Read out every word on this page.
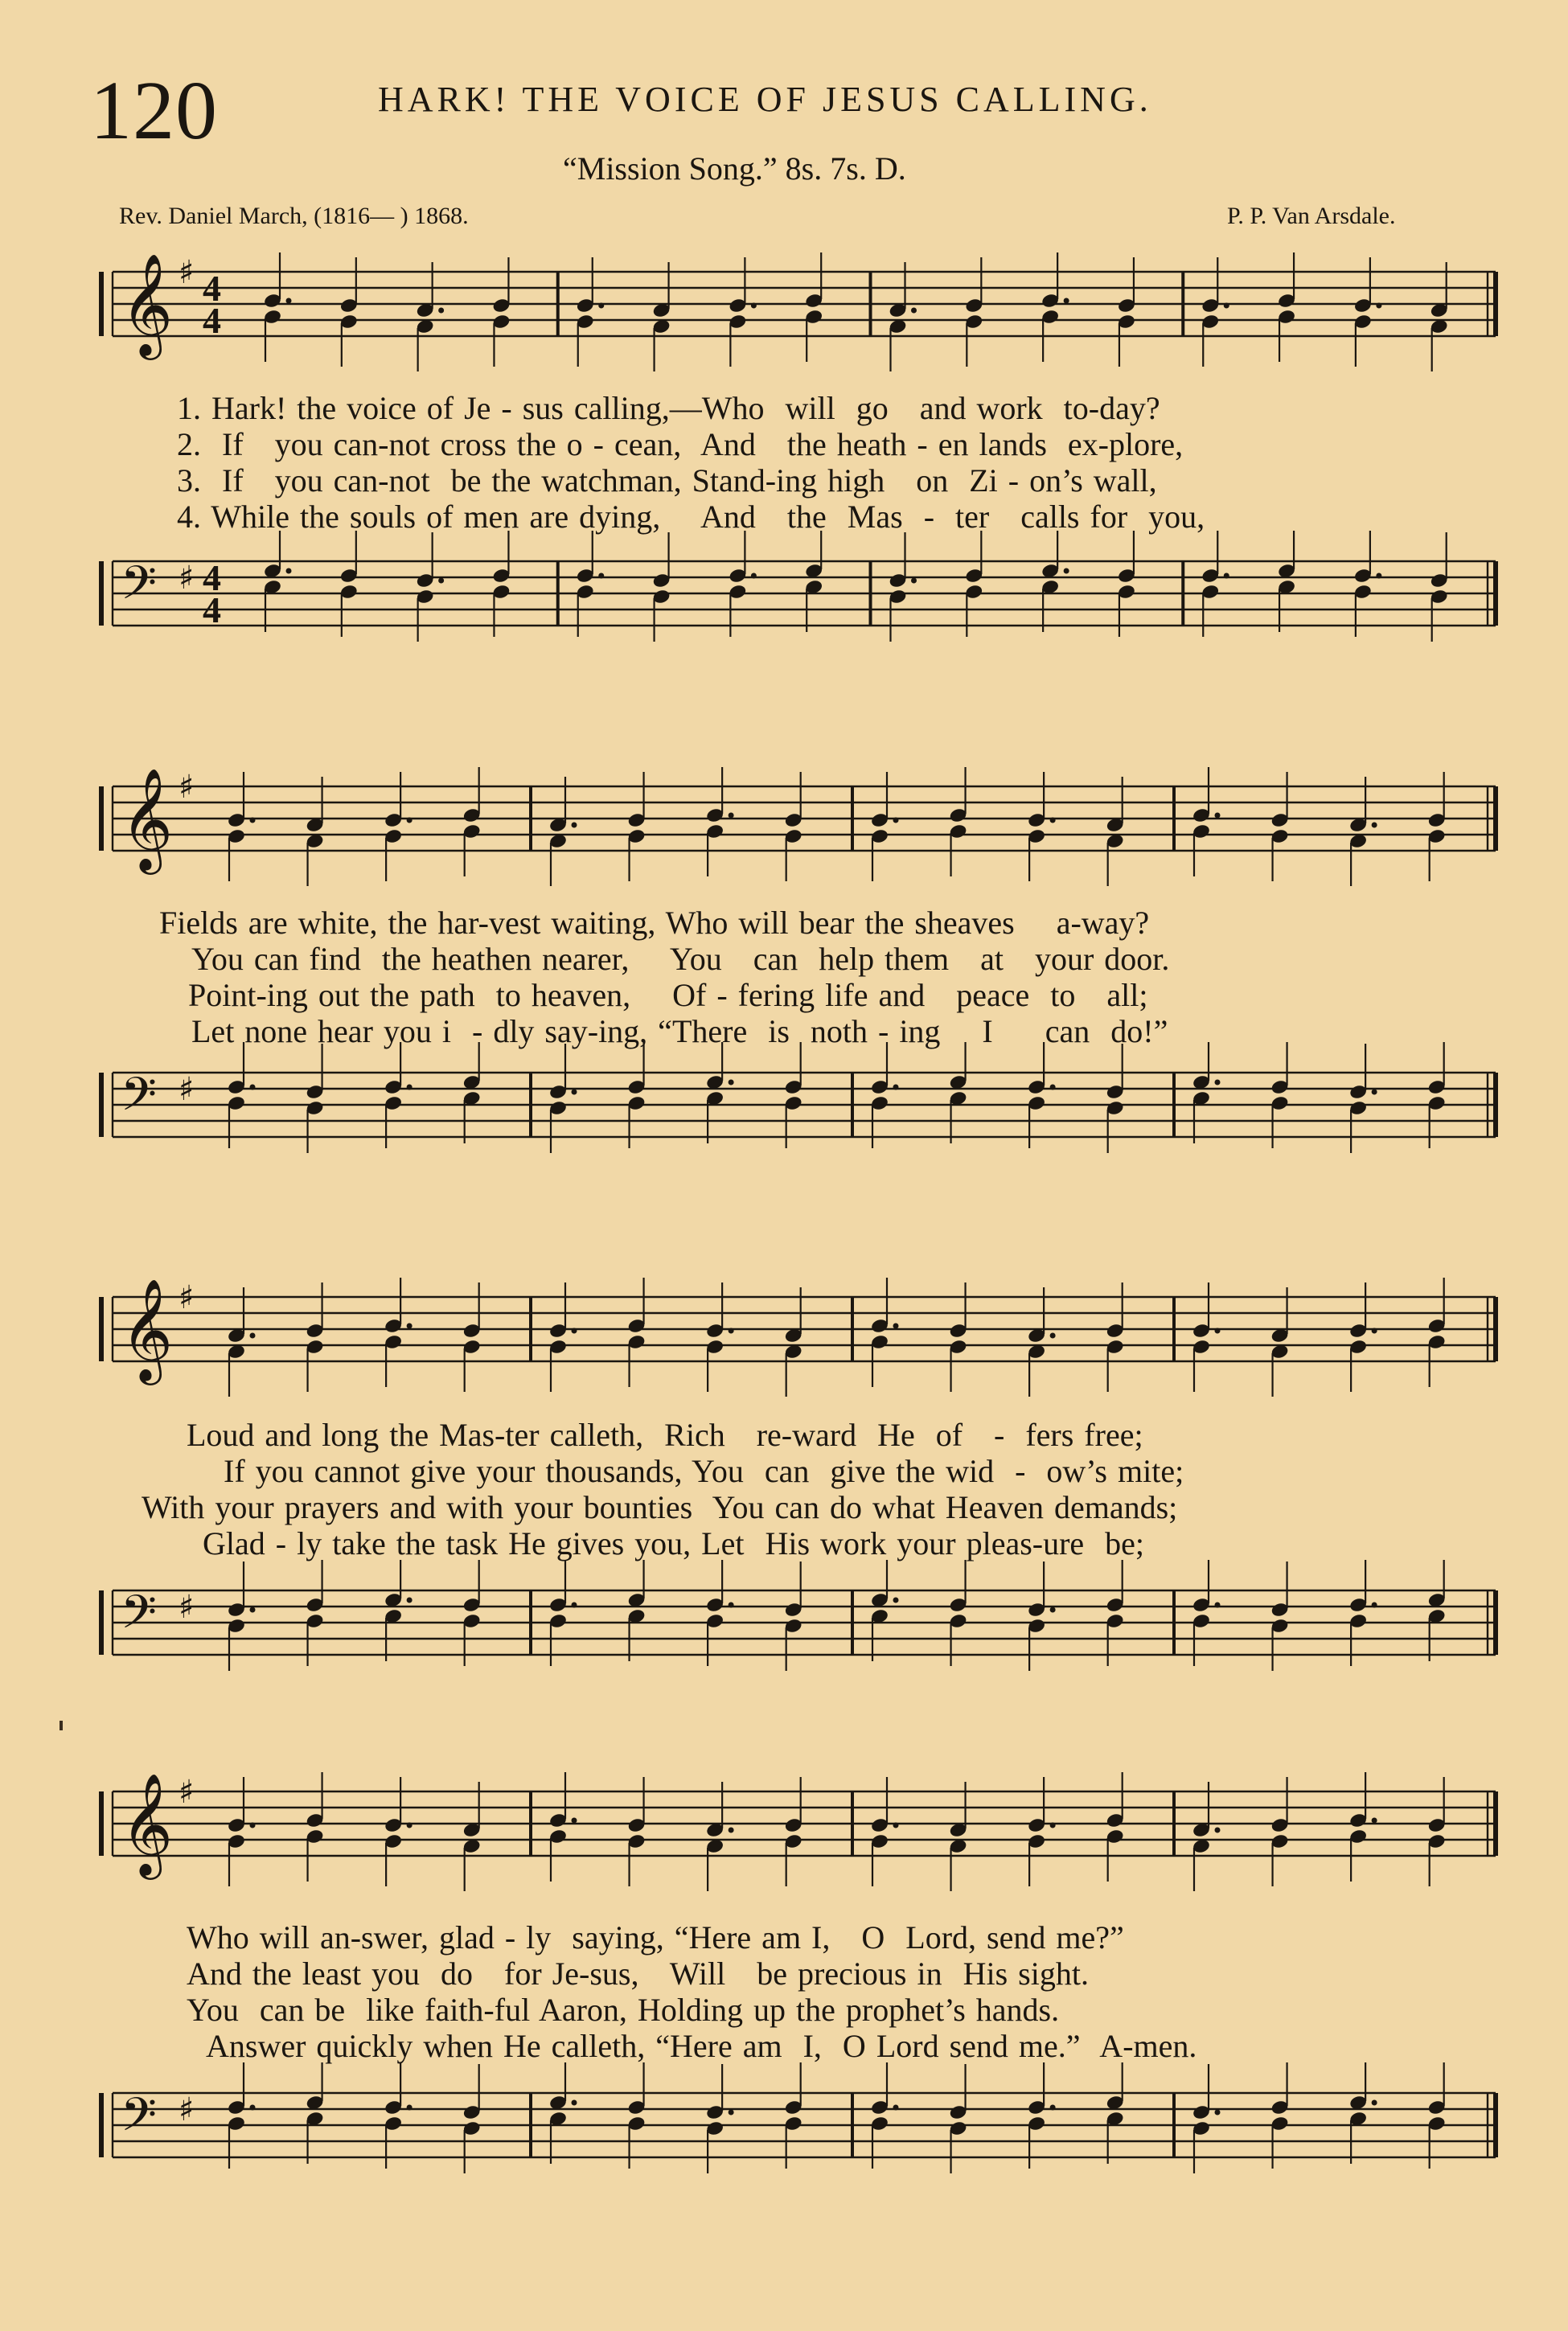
120	HARK! THE VOICE OF JESUS CALLING.
“Mission Song.” 8s. 7s. D.
Rev. Daniel March, (1816— ) 1868.	P. P. Van Arsdale.
𝄞 ♯ 4
4
1. Hark! the voice of Je - sus calling,—Who  will  go   and work  to-day?
2.  If   you can-not cross the o - cean,  And   the heath - en lands  ex-plore,
3.  If   you can-not  be the watchman, Stand-ing high   on  Zi - on’s wall,
4. While the souls of men are dying,    And   the  Mas  -  ter   calls for  you,
𝄢 ♯ 4
4
𝄞 ♯
Fields are white, the har-vest waiting, Who will bear the sheaves    a-way?
You can find  the heathen nearer,    You   can  help them   at   your door.
Point-ing out the path  to heaven,    Of - fering life and   peace  to   all;
Let none hear you i  - dly say-ing, “There  is  noth - ing    I     can  do!”
𝄢 ♯
𝄞 ♯
Loud and long the Mas-ter calleth,  Rich   re-ward  He  of   -  fers free;
If you cannot give your thousands, You  can  give the wid  -  ow’s mite;
With your prayers and with your bounties  You can do what Heaven demands;
Glad - ly take the task He gives you, Let  His work your pleas-ure  be;
𝄢 ♯
𝄞 ♯
Who will an-swer, glad - ly  saying, “Here am I,   O  Lord, send me?”
And the least you  do   for Je-sus,   Will   be precious in  His sight.
You  can be  like faith-ful Aaron, Holding up the prophet’s hands.
Answer quickly when He calleth, “Here am  I,  O Lord send me.”  A-men.
𝄢 ♯
